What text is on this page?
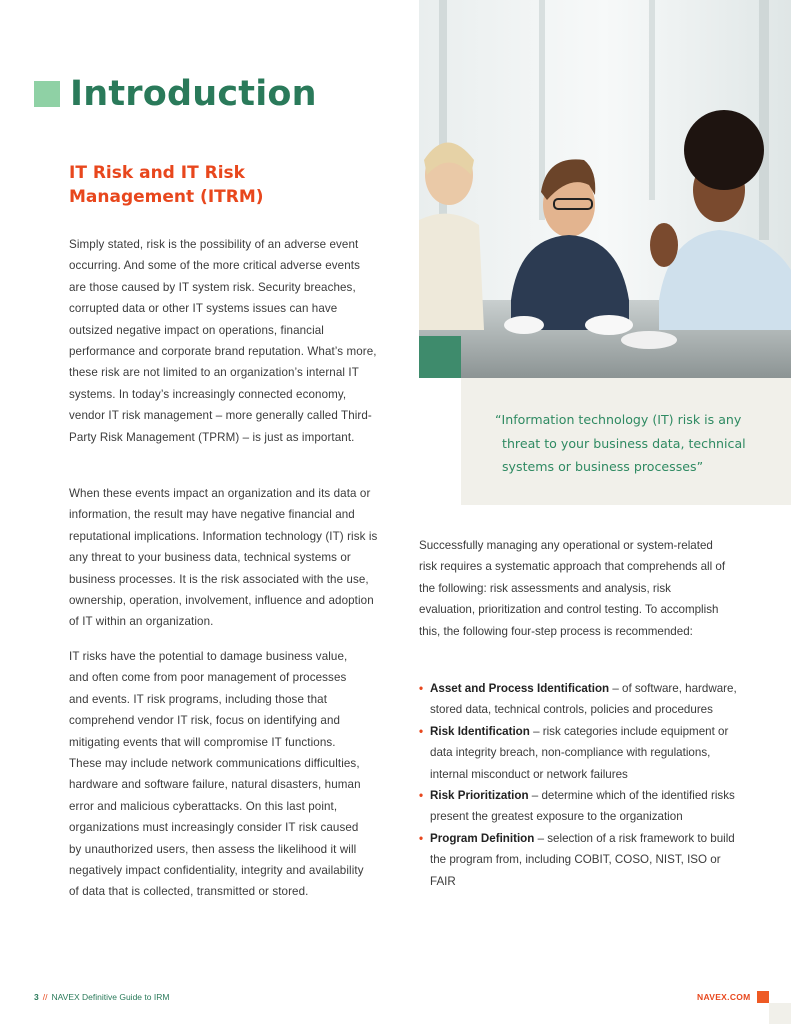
Introduction
IT Risk and IT Risk Management (ITRM)

Simply stated, risk is the possibility of an adverse event occurring. And some of the more critical adverse events are those caused by IT system risk. Security breaches, corrupted data or other IT systems issues can have outsized negative impact on operations, financial performance and corporate brand reputation. What’s more, these risk are not limited to an organization’s internal IT systems. In today’s increasingly connected economy, vendor IT risk management – more generally called Third-Party Risk Management (TPRM) – is just as important.

When these events impact an organization and its data or information, the result may have negative financial and reputational implications. Information technology (IT) risk is any threat to your business data, technical systems or business processes. It is the risk associated with the use, ownership, operation, involvement, influence and adoption of IT within an organization.

IT risks have the potential to damage business value, and often come from poor management of processes and events. IT risk programs, including those that comprehend vendor IT risk, focus on identifying and mitigating events that will compromise IT functions. These may include network communications difficulties, hardware and software failure, natural disasters, human error and malicious cyberattacks. On this last point, organizations must increasingly consider IT risk caused by unauthorized users, then assess the likelihood it will negatively impact confidentiality, integrity and availability of data that is collected, transmitted or stored.

“Information technology (IT) risk is any threat to your business data, technical systems or business processes”

Successfully managing any operational or system-related risk requires a systematic approach that comprehends all of the following: risk assessments and analysis, risk evaluation, prioritization and control testing. To accomplish this, the following four-step process is recommended:

• Asset and Process Identification – of software, hardware, stored data, technical controls, policies and procedures
• Risk Identification – risk categories include equipment or data integrity breach, non-compliance with regulations, internal misconduct or network failures
• Risk Prioritization – determine which of the identified risks present the greatest exposure to the organization
• Program Definition – selection of a risk framework to build the program from, including COBIT, COSO, NIST, ISO or FAIR
3 // NAVEX Definitive Guide to IRM	NAVEX.COM
